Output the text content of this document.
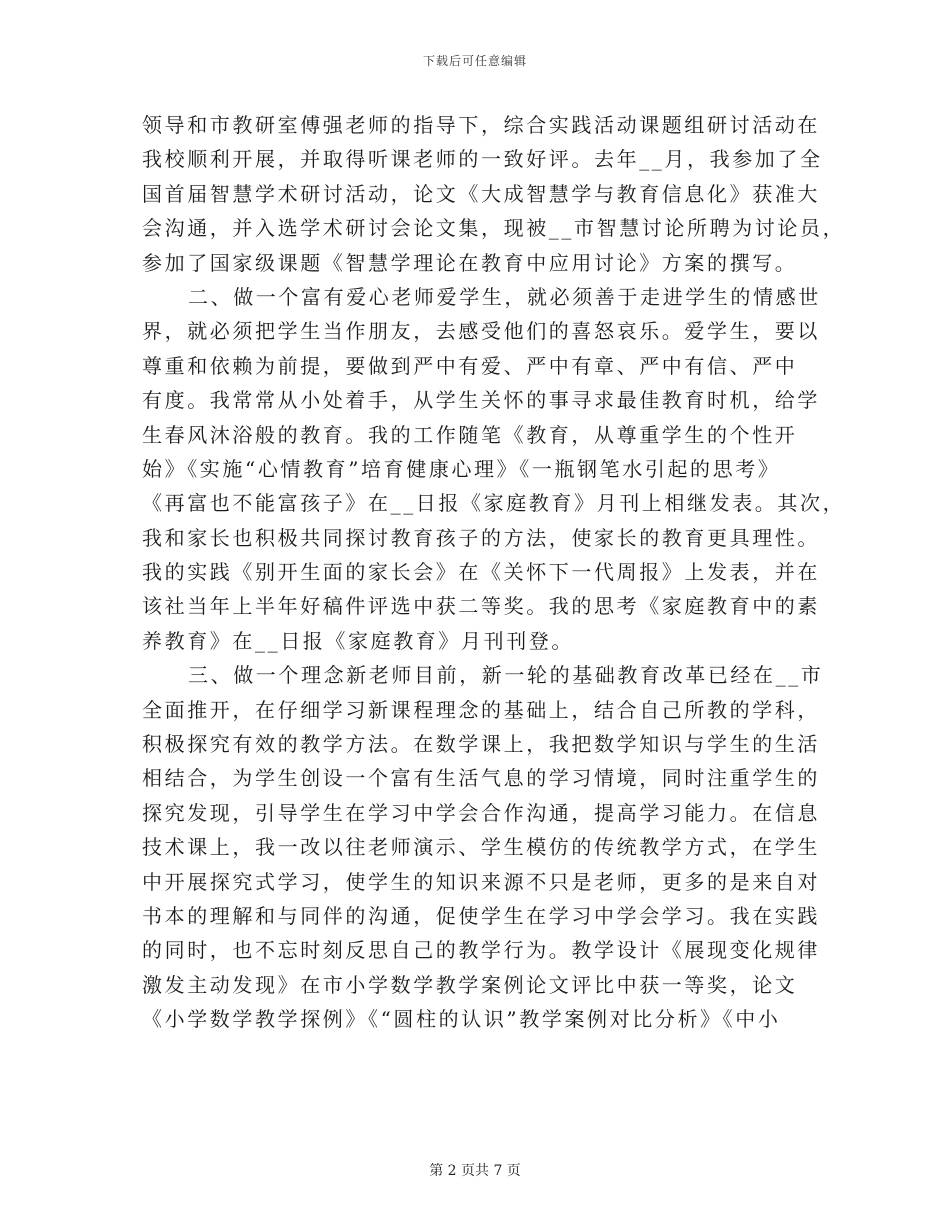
下载后可任意编辑
领导和市教研室傅强老师的指导下，综合实践活动课题组研讨活动在
我校顺利开展，并取得听课老师的一致好评。去年__月，我参加了全
国首届智慧学术研讨活动，论文《大成智慧学与教育信息化》获准大
会沟通，并入选学术研讨会论文集，现被__市智慧讨论所聘为讨论员，
参加了国家级课题《智慧学理论在教育中应用讨论》方案的撰写。
二、做一个富有爱心老师爱学生，就必须善于走进学生的情感世
界，就必须把学生当作朋友，去感受他们的喜怒哀乐。爱学生，要以
尊重和依赖为前提，要做到严中有爱、严中有章、严中有信、严中
有度。我常常从小处着手，从学生关怀的事寻求最佳教育时机，给学
生春风沐浴般的教育。我的工作随笔《教育，从尊重学生的个性开
始》《实施“心情教育”培育健康心理》《一瓶钢笔水引起的思考》
《再富也不能富孩子》在__日报《家庭教育》月刊上相继发表。其次，
我和家长也积极共同探讨教育孩子的方法，使家长的教育更具理性。
我的实践《别开生面的家长会》在《关怀下一代周报》上发表，并在
该社当年上半年好稿件评选中获二等奖。我的思考《家庭教育中的素
养教育》在__日报《家庭教育》月刊刊登。
三、做一个理念新老师目前，新一轮的基础教育改革已经在__市
全面推开，在仔细学习新课程理念的基础上，结合自己所教的学科，
积极探究有效的教学方法。在数学课上，我把数学知识与学生的生活
相结合，为学生创设一个富有生活气息的学习情境，同时注重学生的
探究发现，引导学生在学习中学会合作沟通，提高学习能力。在信息
技术课上，我一改以往老师演示、学生模仿的传统教学方式，在学生
中开展探究式学习，使学生的知识来源不只是老师，更多的是来自对
书本的理解和与同伴的沟通，促使学生在学习中学会学习。我在实践
的同时，也不忘时刻反思自己的教学行为。教学设计《展现变化规律
激发主动发现》在市小学数学教学案例论文评比中获一等奖，论文
《小学数学教学探例》《“圆柱的认识”教学案例对比分析》《中小
第 2 页共 7 页
